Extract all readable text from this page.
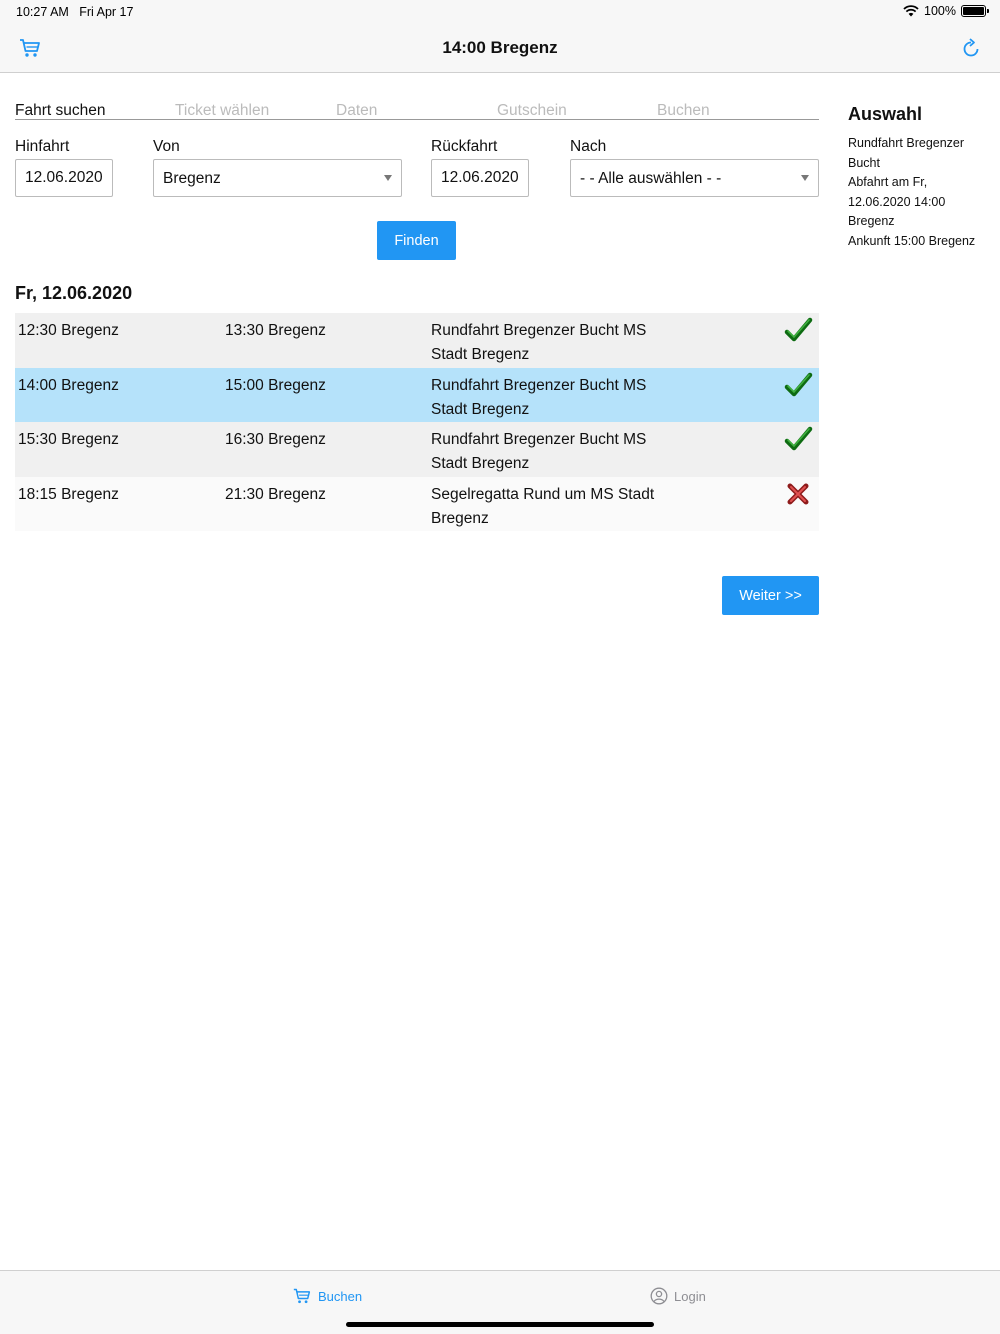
10:27 AM Fri Apr 17	100%
14:00 Bregenz
Fahrt suchen	Ticket wählen	Daten	Gutschein	Buchen
Hinfahrt
12.06.2020
Von
Bregenz
Rückfahrt
12.06.2020
Nach
- - Alle auswählen - -
Finden
Fr, 12.06.2020
12:30 Bregenz	13:30 Bregenz	Rundfahrt Bregenzer Bucht MS Stadt Bregenz
14:00 Bregenz	15:00 Bregenz	Rundfahrt Bregenzer Bucht MS Stadt Bregenz
15:30 Bregenz	16:30 Bregenz	Rundfahrt Bregenzer Bucht MS Stadt Bregenz
18:15 Bregenz	21:30 Bregenz	Segelregatta Rund um MS Stadt Bregenz
Weiter >>
Auswahl
Rundfahrt Bregenzer Bucht
Abfahrt am Fr, 12.06.2020 14:00 Bregenz
Ankunft 15:00 Bregenz
Buchen	Login
